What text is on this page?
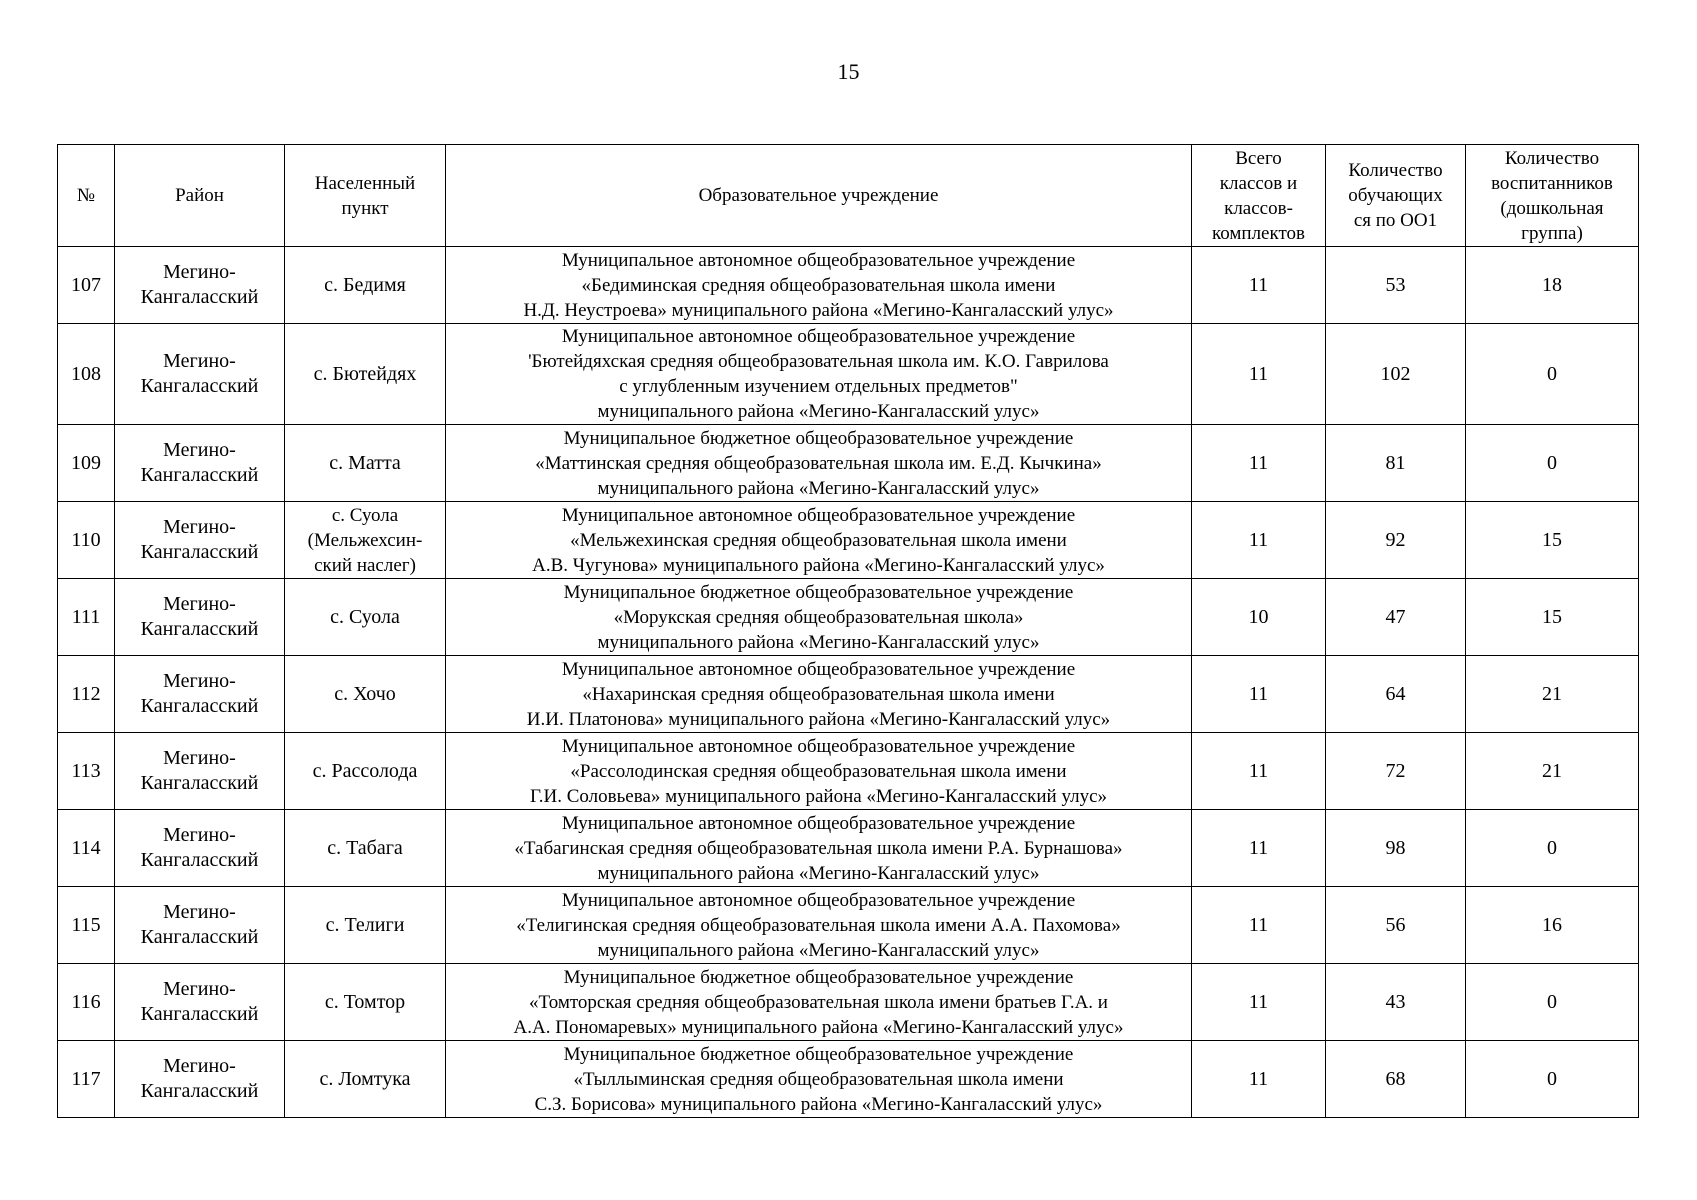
15
№	Район	Населенный
пункт	Образовательное учреждение	Всего
классов и
классов-
комплектов	Количество
обучающих
ся по ОО1	Количество
воспитанников
(дошкольная
группа)

107	Мегино-
Кангаласский	с. Бедимя	Муниципальное автономное общеобразовательное учреждение
«Бедиминская средняя общеобразовательная школа имени
Н.Д. Неустроева» муниципального района «Мегино-Кангаласский улус»	11	53	18
108	Мегино-
Кангаласский	с. Бютейдях	Муниципальное автономное общеобразовательное учреждение
'Бютейдяхская средняя общеобразовательная школа им. К.О. Гаврилова
с углубленным изучением отдельных предметов"
муниципального района «Мегино-Кангаласский улус»	11	102	0
109	Мегино-
Кангаласский	с. Матта	Муниципальное бюджетное общеобразовательное учреждение
«Маттинская средняя общеобразовательная школа им. Е.Д. Кычкина»
муниципального района «Мегино-Кангаласский улус»	11	81	0
110	Мегино-
Кангаласский	с. Суола
(Мельжехсин-
ский наслег)	Муниципальное автономное общеобразовательное учреждение
«Мельжехинская средняя общеобразовательная школа имени
А.В. Чугунова» муниципального района «Мегино-Кангаласский улус»	11	92	15
111	Мегино-
Кангаласский	с. Суола	Муниципальное бюджетное общеобразовательное учреждение
«Морукская средняя общеобразовательная школа»
муниципального района «Мегино-Кангаласский улус»	10	47	15
112	Мегино-
Кангаласский	с. Хочо	Муниципальное автономное общеобразовательное учреждение
«Нахаринская средняя общеобразовательная школа имени
И.И. Платонова» муниципального района «Мегино-Кангаласский улус»	11	64	21
113	Мегино-
Кангаласский	с. Рассолода	Муниципальное автономное общеобразовательное учреждение
«Рассолодинская средняя общеобразовательная школа имени
Г.И. Соловьева» муниципального района «Мегино-Кангаласский улус»	11	72	21
114	Мегино-
Кангаласский	с. Табага	Муниципальное автономное общеобразовательное учреждение
«Табагинская средняя общеобразовательная школа имени Р.А. Бурнашова»
муниципального района «Мегино-Кангаласский улус»	11	98	0
115	Мегино-
Кангаласский	с. Телиги	Муниципальное автономное общеобразовательное учреждение
«Телигинская средняя общеобразовательная школа имени А.А. Пахомова»
муниципального района «Мегино-Кангаласский улус»	11	56	16
116	Мегино-
Кангаласский	с. Томтор	Муниципальное бюджетное общеобразовательное учреждение
«Томторская средняя общеобразовательная школа имени братьев Г.А. и
А.А. Пономаревых» муниципального района «Мегино-Кангаласский улус»	11	43	0
117	Мегино-
Кангаласский	с. Ломтука	Муниципальное бюджетное общеобразовательное учреждение
«Тыллыминская средняя общеобразовательная школа имени
С.З. Борисова» муниципального района «Мегино-Кангаласский улус»	11	68	0
